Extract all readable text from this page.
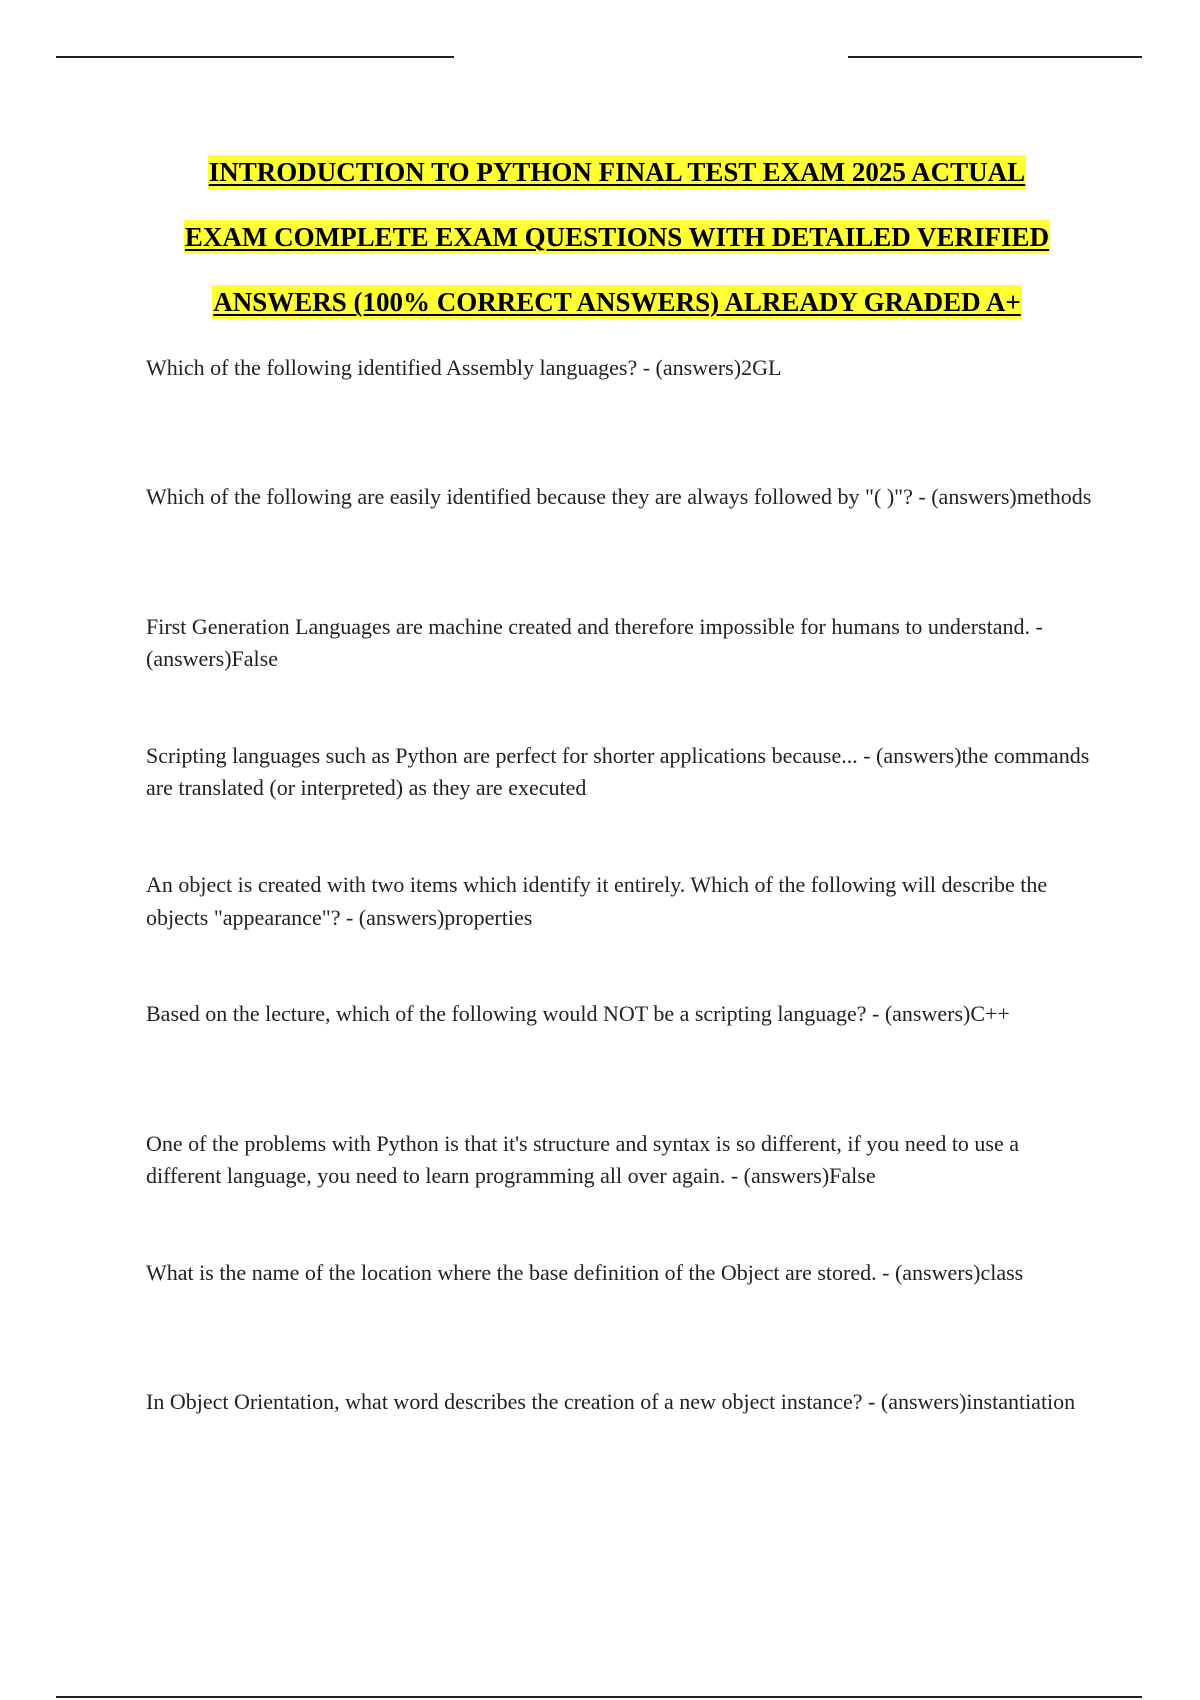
INTRODUCTION TO PYTHON FINAL TEST EXAM 2025 ACTUAL
EXAM COMPLETE EXAM QUESTIONS WITH DETAILED VERIFIED
ANSWERS (100% CORRECT ANSWERS) ALREADY GRADED A+

Which of the following identified Assembly languages? - (answers)2GL

Which of the following are easily identified because they are always followed by "( )"? - (answers)methods

First Generation Languages are machine created and therefore impossible for humans to understand. - (answers)False

Scripting languages such as Python are perfect for shorter applications because... - (answers)the commands are translated (or interpreted) as they are executed

An object is created with two items which identify it entirely. Which of the following will describe the objects "appearance"? - (answers)properties

Based on the lecture, which of the following would NOT be a scripting language? - (answers)C++

One of the problems with Python is that it's structure and syntax is so different, if you need to use a different language, you need to learn programming all over again. - (answers)False

What is the name of the location where the base definition of the Object are stored. - (answers)class

In Object Orientation, what word describes the creation of a new object instance? - (answers)instantiation
